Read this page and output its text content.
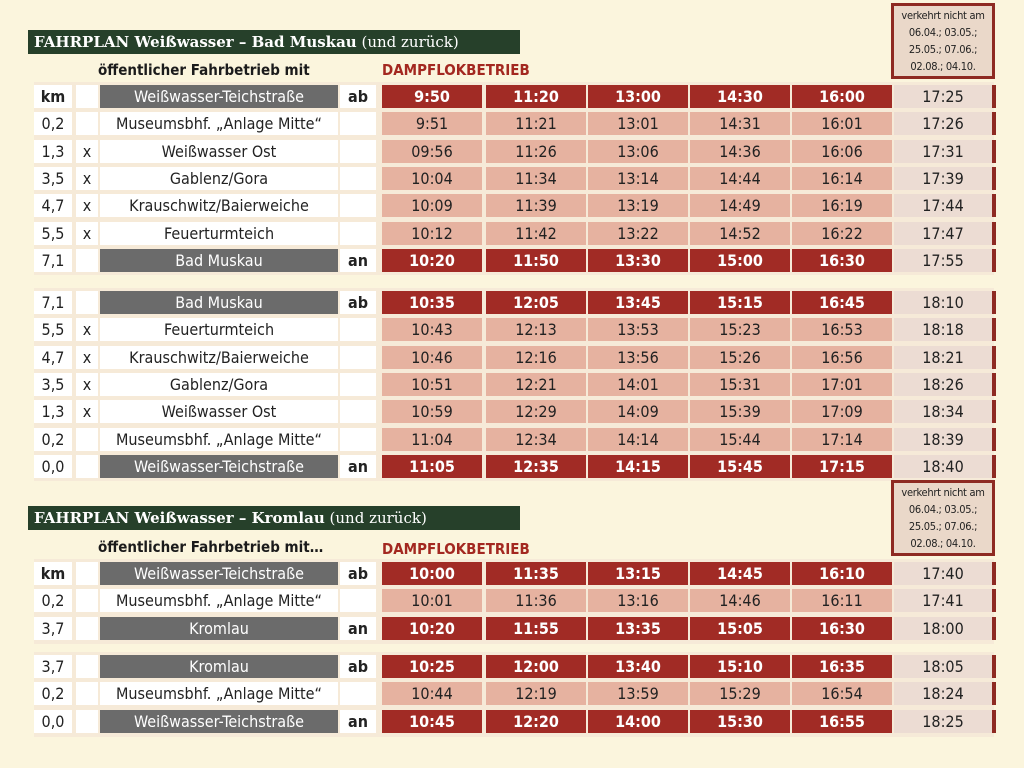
FAHRPLAN Weißwasser – Bad Muskau (und zurück)
öffentlicher Fahrbetrieb mit	DAMPFLOKBETRIEB
verkehrt nicht am
06.04.; 03.05.;
25.05.; 07.06.;
02.08.; 04.10.
km	Weißwasser-Teichstraße	ab	9:50	11:20	13:00	14:30	16:00	17:25
0,2	Museumsbhf. „Anlage Mitte“	9:51	11:21	13:01	14:31	16:01	17:26
1,3	x	Weißwasser Ost	09:56	11:26	13:06	14:36	16:06	17:31
3,5	x	Gablenz/Gora	10:04	11:34	13:14	14:44	16:14	17:39
4,7	x	Krauschwitz/Baierweiche	10:09	11:39	13:19	14:49	16:19	17:44
5,5	x	Feuerturmteich	10:12	11:42	13:22	14:52	16:22	17:47
7,1	Bad Muskau	an	10:20	11:50	13:30	15:00	16:30	17:55
7,1	Bad Muskau	ab	10:35	12:05	13:45	15:15	16:45	18:10
5,5	x	Feuerturmteich	10:43	12:13	13:53	15:23	16:53	18:18
4,7	x	Krauschwitz/Baierweiche	10:46	12:16	13:56	15:26	16:56	18:21
3,5	x	Gablenz/Gora	10:51	12:21	14:01	15:31	17:01	18:26
1,3	x	Weißwasser Ost	10:59	12:29	14:09	15:39	17:09	18:34
0,2	Museumsbhf. „Anlage Mitte“	11:04	12:34	14:14	15:44	17:14	18:39
0,0	Weißwasser-Teichstraße	an	11:05	12:35	14:15	15:45	17:15	18:40
FAHRPLAN Weißwasser – Kromlau (und zurück)
öffentlicher Fahrbetrieb mit…	DAMPFLOKBETRIEB
verkehrt nicht am
06.04.; 03.05.;
25.05.; 07.06.;
02.08.; 04.10.
km	Weißwasser-Teichstraße	ab	10:00	11:35	13:15	14:45	16:10	17:40
0,2	Museumsbhf. „Anlage Mitte“	10:01	11:36	13:16	14:46	16:11	17:41
3,7	Kromlau	an	10:20	11:55	13:35	15:05	16:30	18:00
3,7	Kromlau	ab	10:25	12:00	13:40	15:10	16:35	18:05
0,2	Museumsbhf. „Anlage Mitte“	10:44	12:19	13:59	15:29	16:54	18:24
0,0	Weißwasser-Teichstraße	an	10:45	12:20	14:00	15:30	16:55	18:25
